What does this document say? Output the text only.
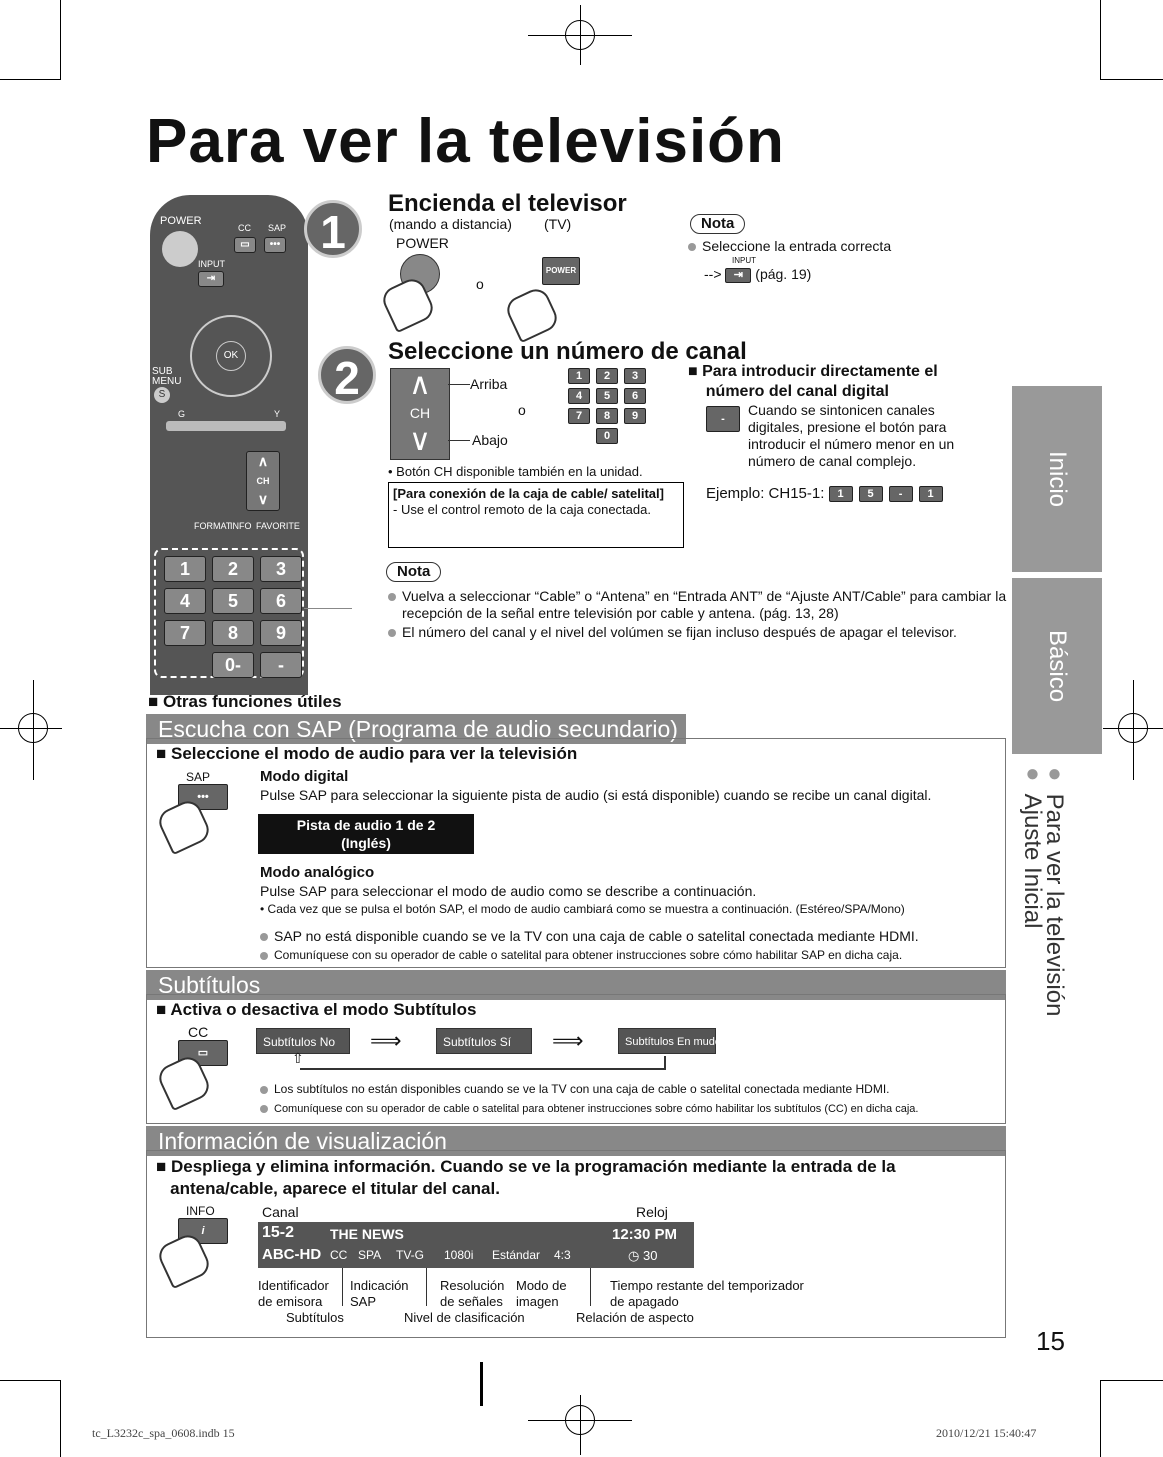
Para ver la televisión
POWER
CC SAP
▭	•••
INPUT
⇥
OK
SUB MENU
S
G	Y
∧
CH
∨
FORMAT
INFO FAVORITE
1	2	3
4	5	6
7	8	9
0-	-
1
Encienda el televisor
(mando a distancia) (TV)
POWER
o
POWER
Nota
Seleccione la entrada correcta
INPUT
--> ⇥ (pág. 19)
2
Seleccione un número de canal
∧
CH
∨
Arriba
o
Abajo
1	2	3
4	5	6
7	8	9
0
• Botón CH disponible también en la unidad.
[Para conexión de la caja de cable/ satelital]
- Use el control remoto de la caja conectada.
■ Para introducir directamente el
número del canal digital
-
Cuando se sintonicen canales digitales, presione el botón para introducir el número menor en un número de canal complejo.
Ejemplo: CH15-1: 1 5 - 1
Nota
Vuelva a seleccionar “Cable” o “Antena” en “Entrada ANT” de “Ajuste ANT/Cable” para cambiar la recepción de la señal entre televisión por cable y antena. (pág. 13, 28)
El número del canal y el nivel del volúmen se fijan incluso después de apagar el televisor.
■ Otras funciones útiles
Escucha con SAP (Programa de audio secundario)
■ Seleccione el modo de audio para ver la televisión
SAP
•••
Modo digital
Pulse SAP para seleccionar la siguiente pista de audio (si está disponible) cuando se recibe un canal digital.
Pista de audio 1 de 2
(Inglés)
Modo analógico
Pulse SAP para seleccionar el modo de audio como se describe a continuación.
• Cada vez que se pulsa el botón SAP, el modo de audio cambiará como se muestra a continuación. (Estéreo/SPA/Mono)
SAP no está disponible cuando se ve la TV con una caja de cable o satelital conectada mediante HDMI.
Comuníquese con su operador de cable o satelital para obtener instrucciones sobre cómo habilitar SAP en dicha caja.
Subtítulos
■ Activa o desactiva el modo Subtítulos
CC
▭
Subtítulos No	⟹	Subtítulos Sí	⟹	Subtítulos En mudo
⇧
Los subtítulos no están disponibles cuando se ve la TV con una caja de cable o satelital conectada mediante HDMI.
Comuníquese con su operador de cable o satelital para obtener instrucciones sobre cómo habilitar los subtítulos (CC) en dicha caja.
Información de visualización
■ Despliega y elimina información. Cuando se ve la programación mediante la entrada de la
antena/cable, aparece el titular del canal.
INFO
i
Canal	Reloj
15-2
ABC-HD
THE NEWS	12:30 PM
CC SPA TV-G 1080i Estándar 4:3	◷ 30
Identificador de emisora
Indicación SAP
Resolución de señales
Modo de imagen
Tiempo restante del temporizador de apagado
Subtítulos	Nivel de clasificación	Relación de aspecto
Inicio
Básico
● Ajuste Inicial
● Para ver la televisión
15
tc_L3232c_spa_0608.indb 15	2010/12/21 15:40:47
